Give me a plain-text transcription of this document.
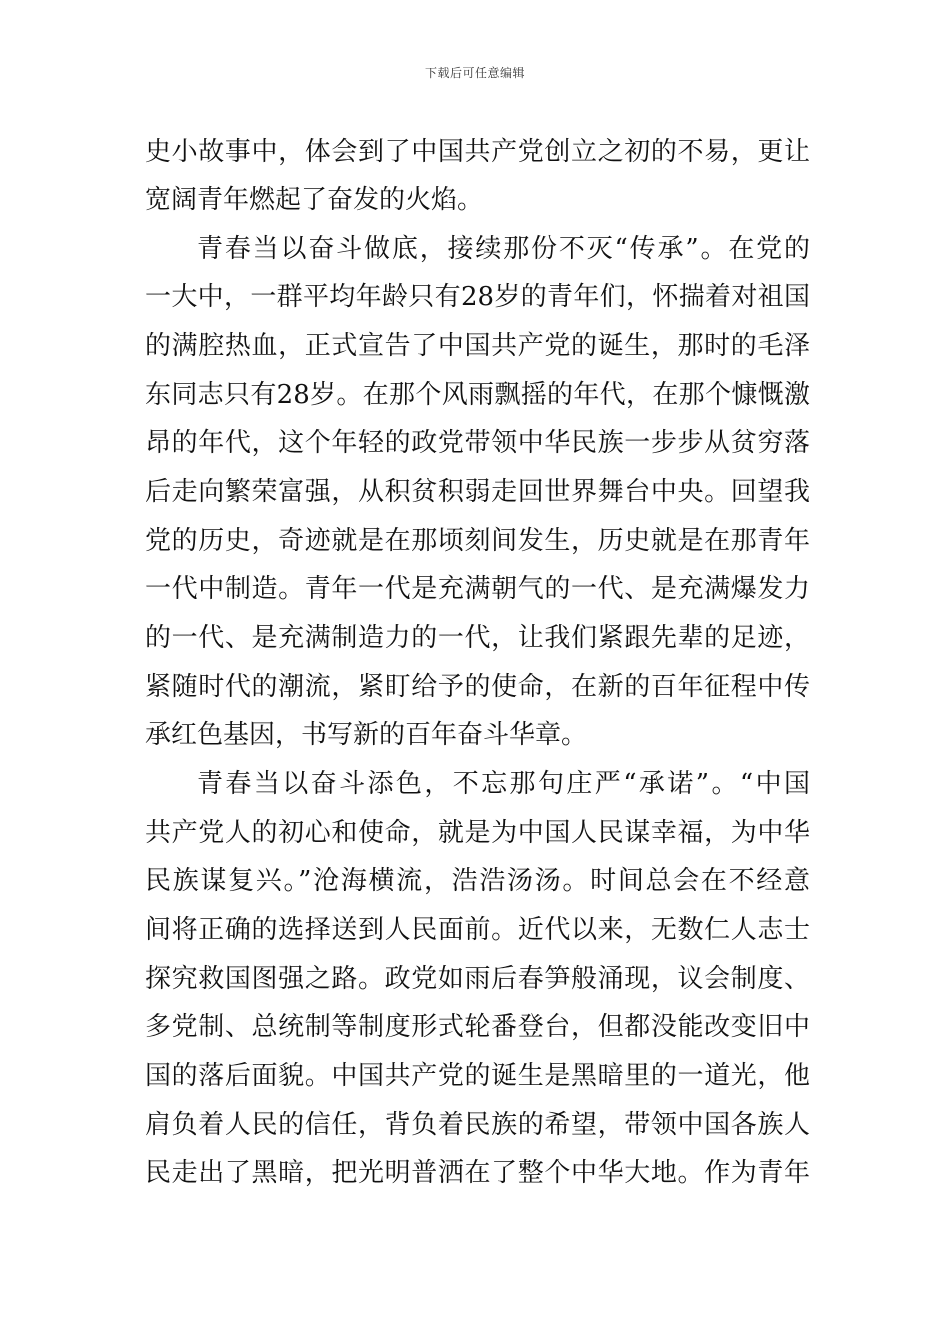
下载后可任意编辑
史小故事中，体会到了中国共产党创立之初的不易，更让
宽阔青年燃起了奋发的火焰。
青春当以奋斗做底，接续那份不灭“传承”。在党的
一大中，一群平均年龄只有28岁的青年们，怀揣着对祖国
的满腔热血，正式宣告了中国共产党的诞生，那时的毛泽
东同志只有28岁。在那个风雨飘摇的年代，在那个慷慨激
昂的年代，这个年轻的政党带领中华民族一步步从贫穷落
后走向繁荣富强，从积贫积弱走回世界舞台中央。回望我
党的历史，奇迹就是在那顷刻间发生，历史就是在那青年
一代中制造。青年一代是充满朝气的一代、是充满爆发力
的一代、是充满制造力的一代，让我们紧跟先辈的足迹，
紧随时代的潮流，紧盯给予的使命，在新的百年征程中传
承红色基因，书写新的百年奋斗华章。
青春当以奋斗添色，不忘那句庄严“承诺”。“中国
共产党人的初心和使命，就是为中国人民谋幸福，为中华
民族谋复兴。”沧海横流，浩浩汤汤。时间总会在不经意
间将正确的选择送到人民面前。近代以来，无数仁人志士
探究救国图强之路。政党如雨后春笋般涌现，议会制度、
多党制、总统制等制度形式轮番登台，但都没能改变旧中
国的落后面貌。中国共产党的诞生是黑暗里的一道光，他
肩负着人民的信任，背负着民族的希望，带领中国各族人
民走出了黑暗，把光明普洒在了整个中华大地。作为青年
